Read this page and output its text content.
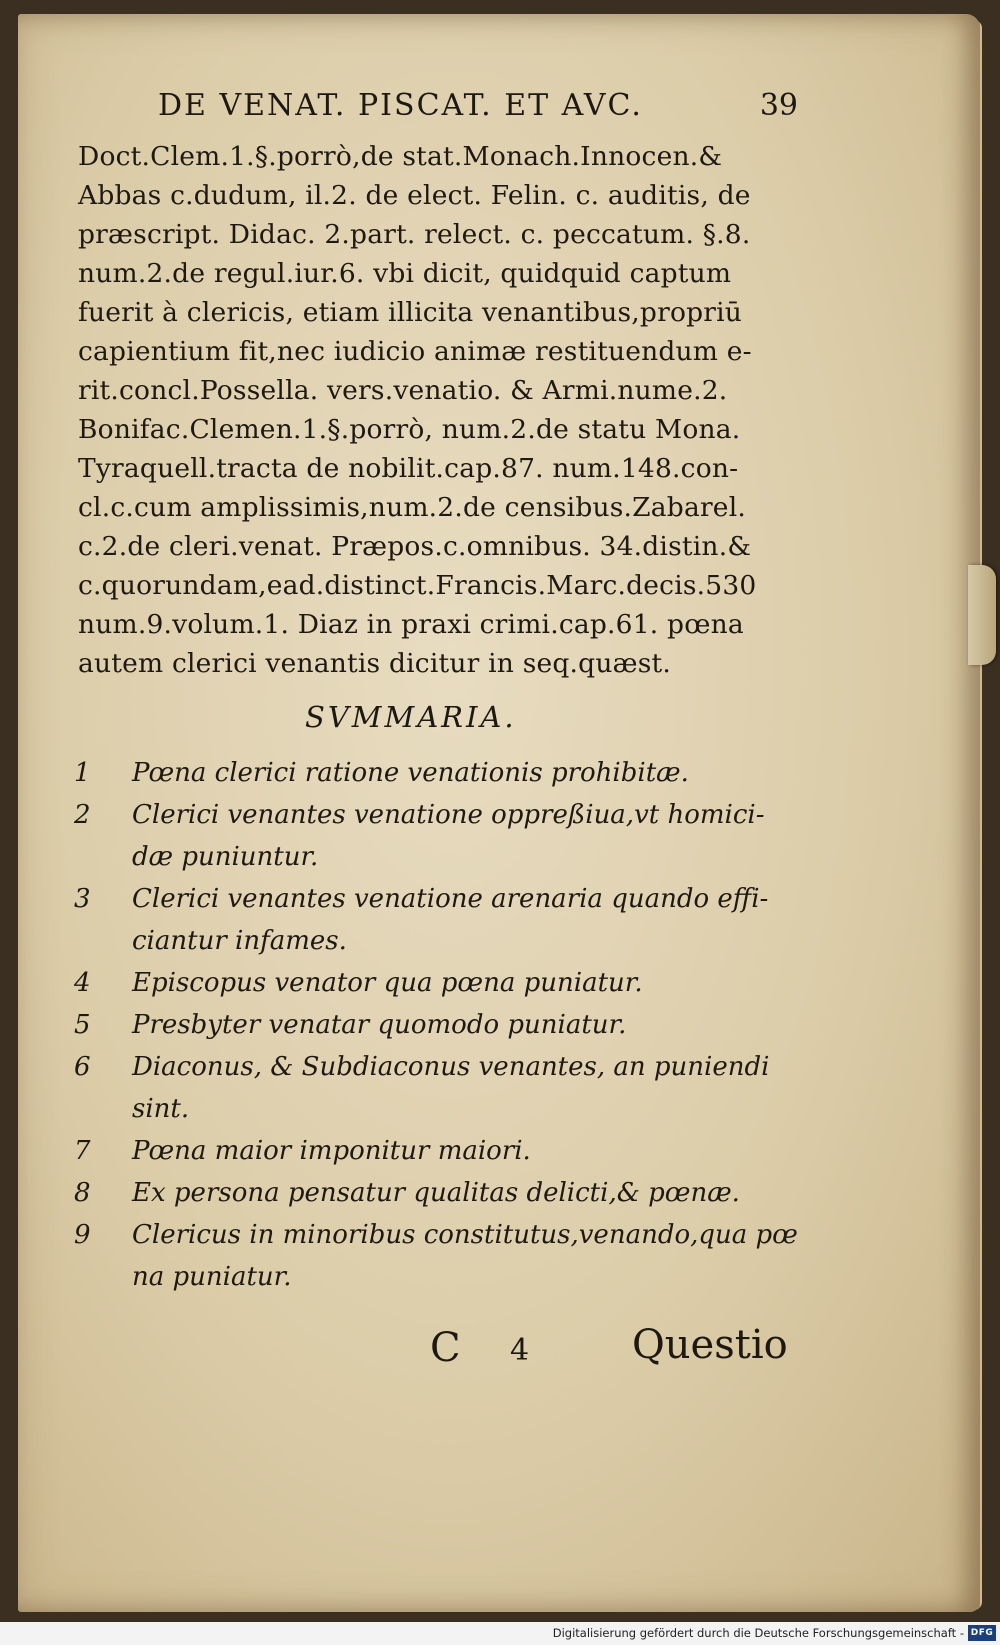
DE VENAT. PISCAT. ET AVC.	39
Doct.Clem.1.§.porrò,de stat.Monach.Innocen.&
Abbas c.dudum, il.2. de elect. Felin. c. auditis, de
præscript. Didac. 2.part. relect. c. peccatum. §.8.
num.2.de regul.iur.6. vbi dicit, quidquid captum
fuerit à clericis, etiam illicita venantibus,propriū
capientium fit,nec iudicio animæ restituendum e-
rit.concl.Possella. vers.venatio. & Armi.nume.2.
Bonifac.Clemen.1.§.porrò, num.2.de statu Mona.
Tyraquell.tracta de nobilit.cap.87. num.148.con-
cl.c.cum amplissimis,num.2.de censibus.Zabarel.
c.2.de cleri.venat. Præpos.c.omnibus. 34.distin.&
c.quorundam,ead.distinct.Francis.Marc.decis.530
num.9.volum.1. Diaz in praxi crimi.cap.61. pœna
autem clerici venantis dicitur in seq.quæst.
SVMMARIA.
1	Pœna clerici ratione venationis prohibitæ.
2	Clerici venantes venatione oppreßiua,vt homici-
dæ puniuntur.
3	Clerici venantes venatione arenaria quando effi-
ciantur infames.
4	Episcopus venator qua pœna puniatur.
5	Presbyter venatar quomodo puniatur.
6	Diaconus, & Subdiaconus venantes, an puniendi
sint.
7	Pœna maior imponitur maiori.
8	Ex persona pensatur qualitas delicti,& pœnæ.
9	Clericus in minoribus constitutus,venando,qua pœ
na puniatur.
C	4	Questio
Digitalisierung gefördert durch die Deutsche Forschungsgemeinschaft - DFG
